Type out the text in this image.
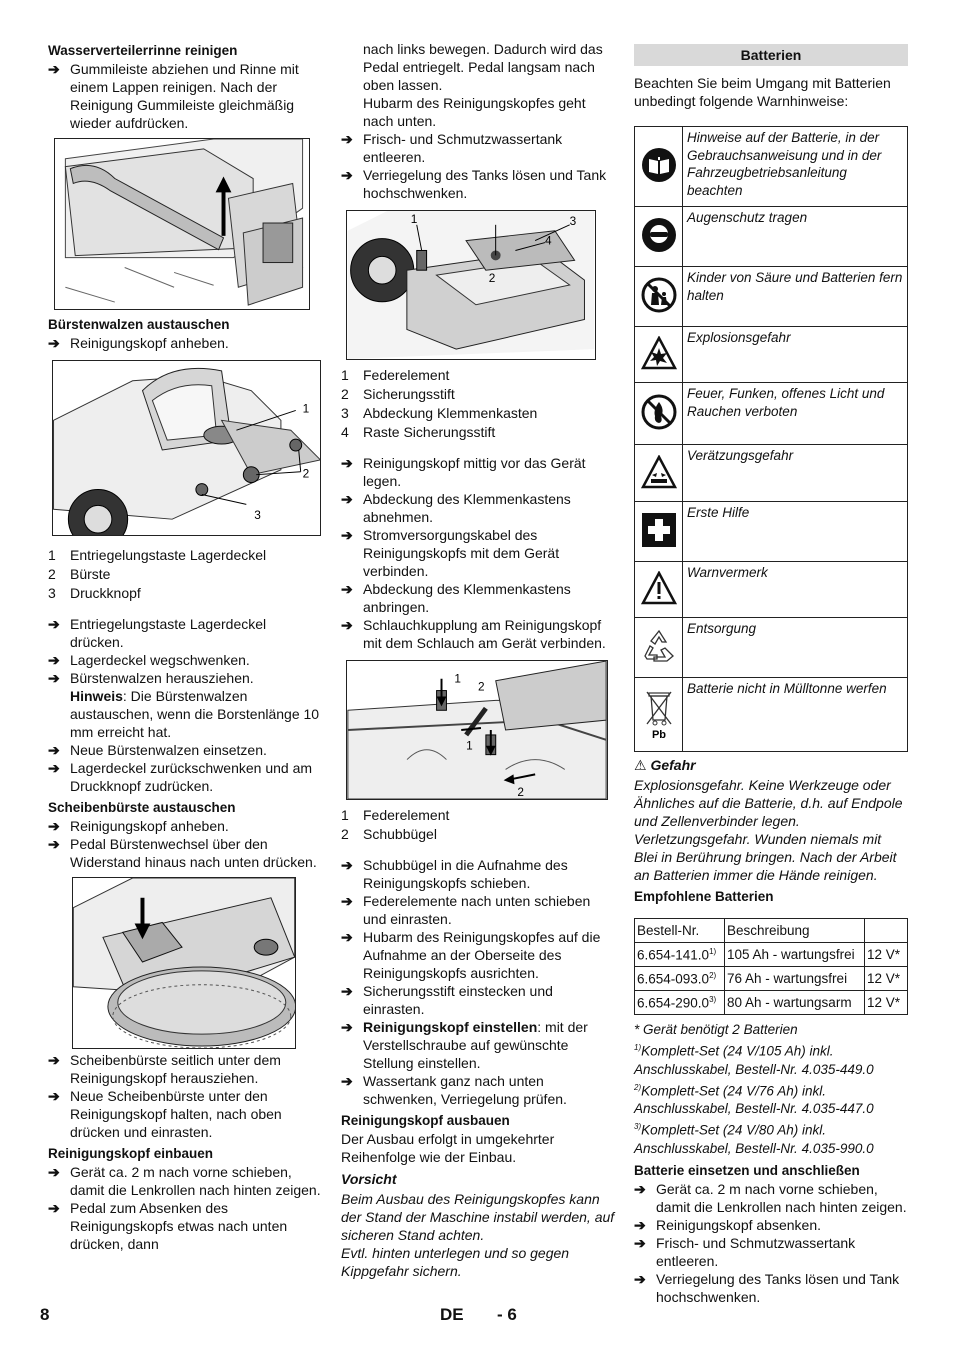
Wasserverteilerrinne reinigen
➔ Gummileiste abziehen und Rinne mit einem Lappen reinigen. Nach der Reinigung Gummileiste gleichmäßig wieder aufdrücken.
Bürstenwalzen austauschen
➔ Reinigungskopf anheben.
1
2
3
1	Entriegelungstaste Lagerdeckel
2	Bürste
3	Druckknopf
➔ Entriegelungstaste Lagerdeckel drücken.
➔ Lagerdeckel wegschwenken.
➔ Bürstenwalzen herausziehen.
Hinweis: Die Bürstenwalzen austauschen, wenn die Borstenlänge 10 mm erreicht hat.
➔ Neue Bürstenwalzen einsetzen.
➔ Lagerdeckel zurückschwenken und am Druckknopf zudrücken.
Scheibenbürste austauschen
➔ Reinigungskopf anheben.
➔ Pedal Bürstenwechsel über den Widerstand hinaus nach unten drücken.
➔ Scheibenbürste seitlich unter dem Reinigungskopf herausziehen.
➔ Neue Scheibenbürste unter den Reinigungskopf halten, nach oben drücken und einrasten.
Reinigungskopf einbauen
➔ Gerät ca. 2 m nach vorne schieben, damit die Lenkrollen nach hinten zeigen.
➔ Pedal zum Absenken des Reinigungskopfs etwas nach unten drücken, dann
nach links bewegen. Dadurch wird das Pedal entriegelt. Pedal langsam nach oben lassen.
Hubarm des Reinigungskopfes geht nach unten.
➔ Frisch- und Schmutzwassertank entleeren.
➔ Verriegelung des Tanks lösen und Tank hochschwenken.
1	3
4
2
1	Federelement
2	Sicherungsstift
3	Abdeckung Klemmenkasten
4	Raste Sicherungsstift
➔ Reinigungskopf mittig vor das Gerät legen.
➔ Abdeckung des Klemmenkastens abnehmen.
➔ Stromversorgungskabel des Reinigungskopfs mit dem Gerät verbinden.
➔ Abdeckung des Klemmenkastens anbringen.
➔ Schlauchkupplung am Reinigungskopf mit dem Schlauch am Gerät verbinden.
1
2
1
2
1	Federelement
2	Schubbügel
➔ Schubbügel in die Aufnahme des Reinigungskopfs schieben.
➔ Federelemente nach unten schieben und einrasten.
➔ Hubarm des Reinigungskopfes auf die Aufnahme an der Oberseite des Reinigungskopfs ausrichten.
➔ Sicherungsstift einstecken und einrasten.
➔ Reinigungskopf einstellen: mit der Verstellschraube auf gewünschte Stellung einstellen.
➔ Wassertank ganz nach unten schwenken, Verriegelung prüfen.
Reinigungskopf ausbauen
Der Ausbau erfolgt in umgekehrter Reihenfolge wie der Einbau.
Vorsicht
Beim Ausbau des Reinigungskopfes kann der Stand der Maschine instabil werden, auf sicheren Stand achten.
Evtl. hinten unterlegen und so gegen Kippgefahr sichern.
Batterien
Beachten Sie beim Umgang mit Batterien unbedingt folgende Warnhinweise:
	Hinweise auf der Batterie, in der Gebrauchsanweisung und in der Fahrzeugbetriebsanleitung beachten
	Augenschutz tragen
	Kinder von Säure und Batterien fern halten
	Explosionsgefahr
	Feuer, Funken, offenes Licht und Rauchen verboten
	Verätzungsgefahr
	Erste Hilfe
	Warnvermerk
	Entsorgung

Pb	Batterie nicht in Mülltonne werfen
⚠ Gefahr
Explosionsgefahr. Keine Werkzeuge oder Ähnliches auf die Batterie, d.h. auf Endpole und Zellenverbinder legen.
Verletzungsgefahr. Wunden niemals mit Blei in Berührung bringen. Nach der Arbeit an Batterien immer die Hände reinigen.
Empfohlene Batterien
Bestell-Nr.	Beschreibung	
6.654-141.0$^{1)}$	105 Ah - wartungsfrei	12 V*
6.654-093.0$^{2)}$	76 Ah - wartungsfrei	12 V*
6.654-290.0$^{3)}$	80 Ah - wartungsarm	12 V*
* Gerät benötigt 2 Batterien
$^{1)}$Komplett-Set (24 V/105 Ah) inkl. Anschlusskabel, Bestell-Nr. 4.035-449.0
$^{2)}$Komplett-Set (24 V/76 Ah) inkl. Anschlusskabel, Bestell-Nr. 4.035-447.0
$^{3)}$Komplett-Set (24 V/80 Ah) inkl. Anschlusskabel, Bestell-Nr. 4.035-990.0
Batterie einsetzen und anschließen
➔ Gerät ca. 2 m nach vorne schieben, damit die Lenkrollen nach hinten zeigen.
➔ Reinigungskopf absenken.
➔ Frisch- und Schmutzwassertank entleeren.
➔ Verriegelung des Tanks lösen und Tank hochschwenken.
8	DE - 6
